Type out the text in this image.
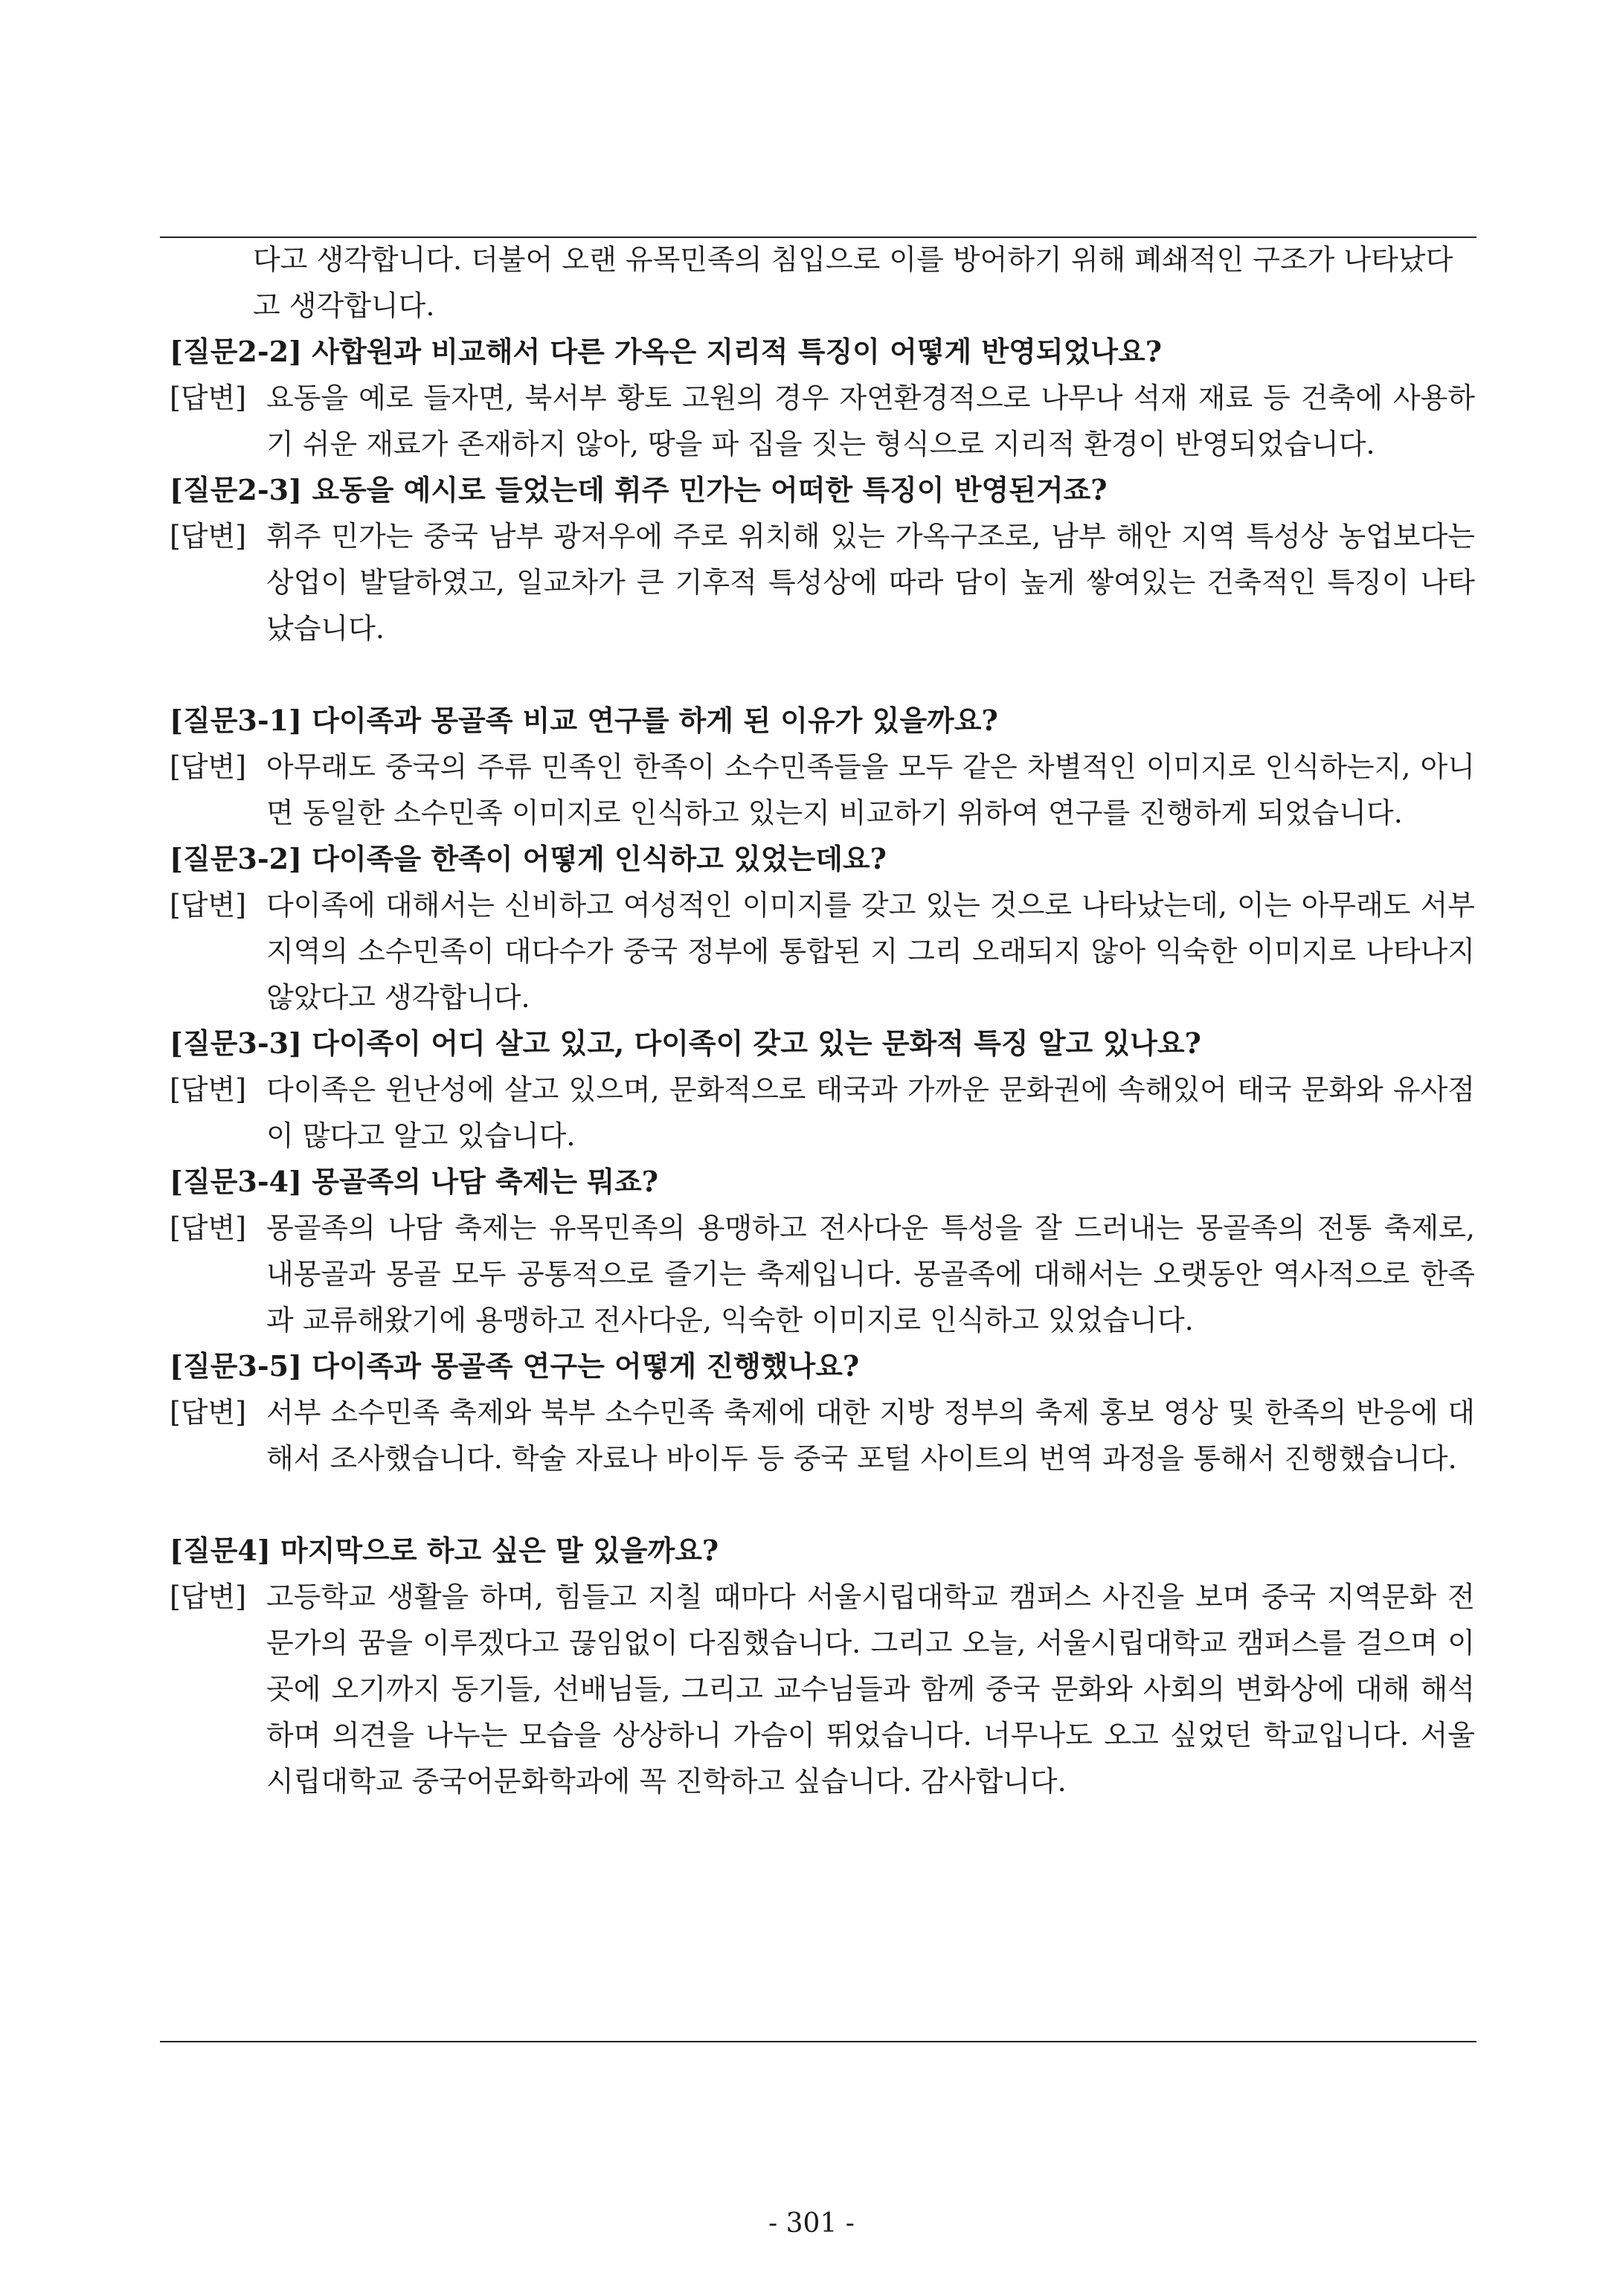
다고 생각합니다. 더불어 오랜 유목민족의 침입으로 이를 방어하기 위해 폐쇄적인 구조가 나타났다고 생각합니다.
[질문2-2] 사합원과 비교해서 다른 가옥은 지리적 특징이 어떻게 반영되었나요?
[답변] 요동을 예로 들자면, 북서부 황토 고원의 경우 자연환경적으로 나무나 석재 재료 등 건축에 사용하기 쉬운 재료가 존재하지 않아, 땅을 파 집을 짓는 형식으로 지리적 환경이 반영되었습니다.
[질문2-3] 요동을 예시로 들었는데 휘주 민가는 어떠한 특징이 반영된거죠?
[답변] 휘주 민가는 중국 남부 광저우에 주로 위치해 있는 가옥구조로, 남부 해안 지역 특성상 농업보다는 상업이 발달하였고, 일교차가 큰 기후적 특성상에 따라 담이 높게 쌓여있는 건축적인 특징이 나타났습니다.
[질문3-1] 다이족과 몽골족 비교 연구를 하게 된 이유가 있을까요?
[답변] 아무래도 중국의 주류 민족인 한족이 소수민족들을 모두 같은 차별적인 이미지로 인식하는지, 아니면 동일한 소수민족 이미지로 인식하고 있는지 비교하기 위하여 연구를 진행하게 되었습니다.
[질문3-2] 다이족을 한족이 어떻게 인식하고 있었는데요?
[답변] 다이족에 대해서는 신비하고 여성적인 이미지를 갖고 있는 것으로 나타났는데, 이는 아무래도 서부 지역의 소수민족이 대다수가 중국 정부에 통합된 지 그리 오래되지 않아 익숙한 이미지로 나타나지 않았다고 생각합니다.
[질문3-3] 다이족이 어디 살고 있고, 다이족이 갖고 있는 문화적 특징 알고 있나요?
[답변] 다이족은 윈난성에 살고 있으며, 문화적으로 태국과 가까운 문화권에 속해있어 태국 문화와 유사점이 많다고 알고 있습니다.
[질문3-4] 몽골족의 나담 축제는 뭐죠?
[답변] 몽골족의 나담 축제는 유목민족의 용맹하고 전사다운 특성을 잘 드러내는 몽골족의 전통 축제로, 내몽골과 몽골 모두 공통적으로 즐기는 축제입니다. 몽골족에 대해서는 오랫동안 역사적으로 한족과 교류해왔기에 용맹하고 전사다운, 익숙한 이미지로 인식하고 있었습니다.
[질문3-5] 다이족과 몽골족 연구는 어떻게 진행했나요?
[답변] 서부 소수민족 축제와 북부 소수민족 축제에 대한 지방 정부의 축제 홍보 영상 및 한족의 반응에 대해서 조사했습니다. 학술 자료나 바이두 등 중국 포털 사이트의 번역 과정을 통해서 진행했습니다.
[질문4] 마지막으로 하고 싶은 말 있을까요?
[답변] 고등학교 생활을 하며, 힘들고 지칠 때마다 서울시립대학교 캠퍼스 사진을 보며 중국 지역문화 전문가의 꿈을 이루겠다고 끊임없이 다짐했습니다. 그리고 오늘, 서울시립대학교 캠퍼스를 걸으며 이곳에 오기까지 동기들, 선배님들, 그리고 교수님들과 함께 중국 문화와 사회의 변화상에 대해 해석하며 의견을 나누는 모습을 상상하니 가슴이 뛰었습니다. 너무나도 오고 싶었던 학교입니다. 서울시립대학교 중국어문화학과에 꼭 진학하고 싶습니다. 감사합니다.
- 301 -
